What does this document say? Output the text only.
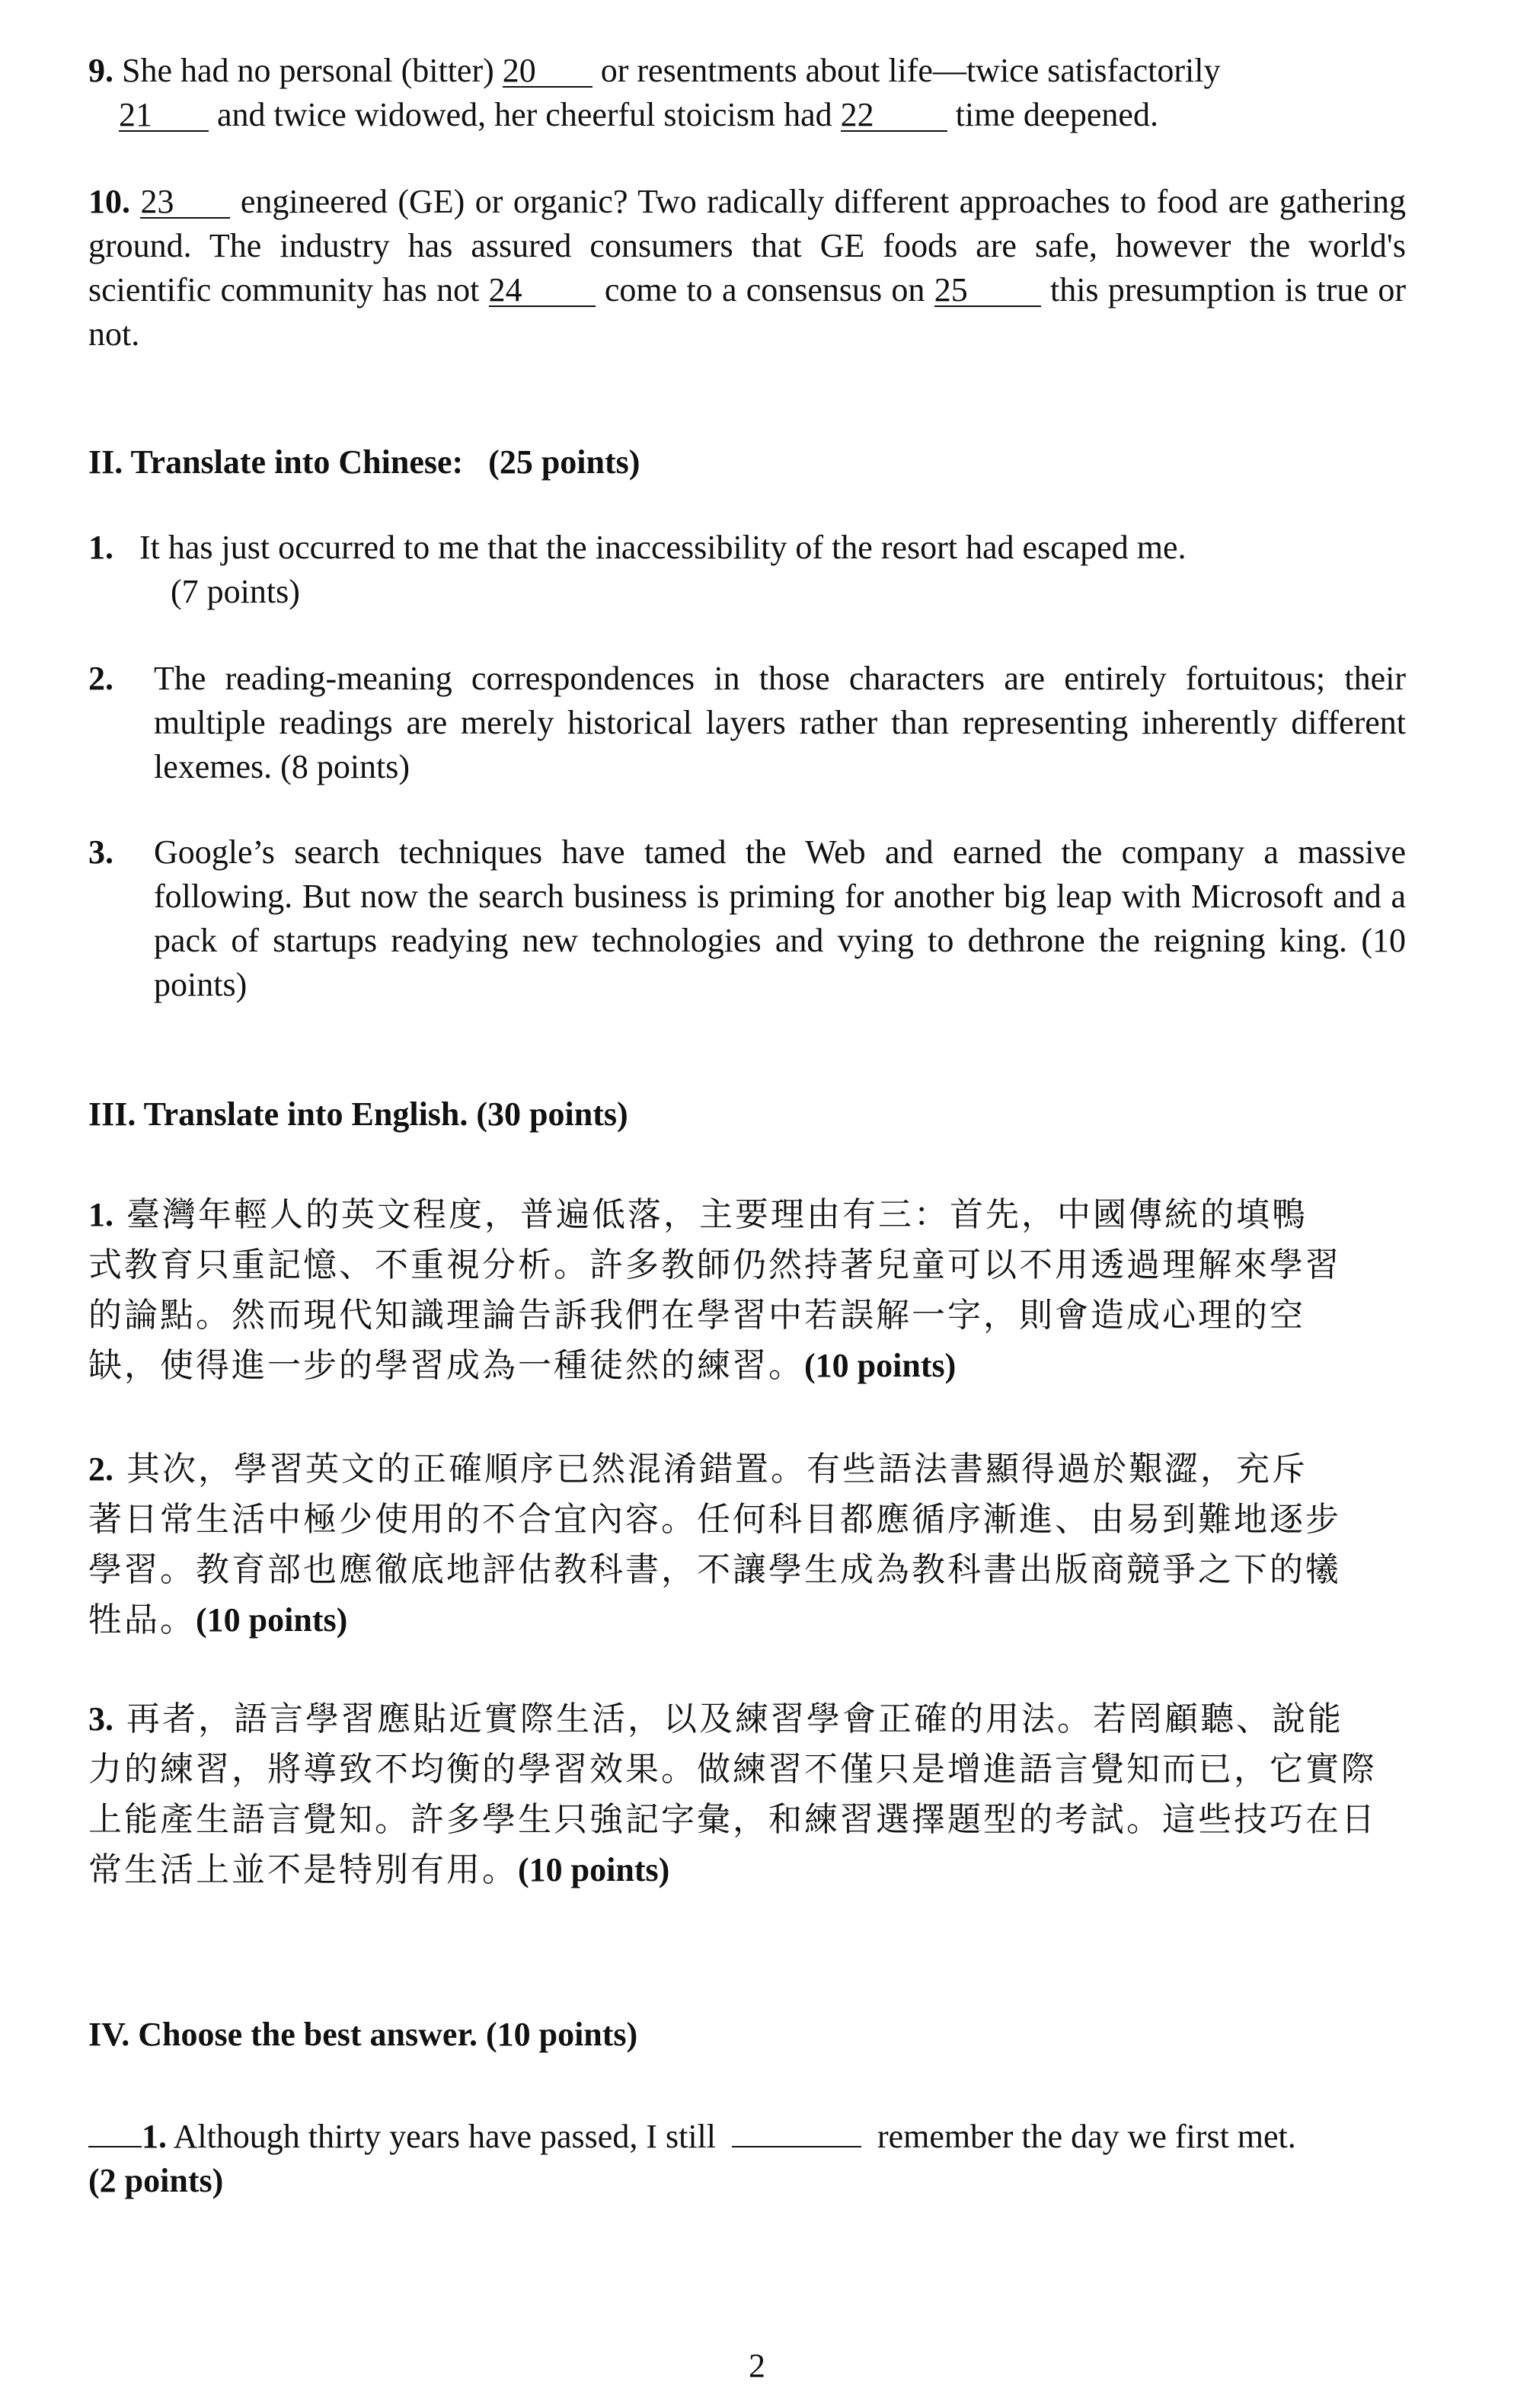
9. She had no personal (bitter) 20 or resentments about life—twice satisfactorily
21 and twice widowed, her cheerful stoicism had 22 time deepened.
10. 23 engineered (GE) or organic? Two radically different approaches to food are gathering ground. The industry has assured consumers that GE foods are safe, however the world's scientific community has not 24 come to a consensus on 25 this presumption is true or not.
II. Translate into Chinese:   (25 points)
1. It has just occurred to me that the inaccessibility of the resort had escaped me.
(7 points)
2. The reading-meaning correspondences in those characters are entirely fortuitous; their multiple readings are merely historical layers rather than representing inherently different lexemes. (8 points)
3. Google’s search techniques have tamed the Web and earned the company a massive following. But now the search business is priming for another big leap with Microsoft and a pack of startups readying new technologies and vying to dethrone the reigning king. (10 points)
III. Translate into English. (30 points)
1. 臺灣年輕人的英文程度，普遍低落，主要理由有三：首先，中國傳統的填鴨
式教育只重記憶、不重視分析。許多教師仍然持著兒童可以不用透過理解來學習
的論點。然而現代知識理論告訴我們在學習中若誤解一字，則會造成心理的空
缺，使得進一步的學習成為一種徒然的練習。(10 points)
2. 其次，學習英文的正確順序已然混淆錯置。有些語法書顯得過於艱澀，充斥
著日常生活中極少使用的不合宜內容。任何科目都應循序漸進、由易到難地逐步
學習。教育部也應徹底地評估教科書，不讓學生成為教科書出版商競爭之下的犧
牲品。(10 points)
3. 再者，語言學習應貼近實際生活，以及練習學會正確的用法。若罔顧聽、說能
力的練習，將導致不均衡的學習效果。做練習不僅只是增進語言覺知而已，它實際
上能產生語言覺知。許多學生只強記字彙，和練習選擇題型的考試。這些技巧在日
常生活上並不是特別有用。(10 points)
IV. Choose the best answer. (10 points)
1. Although thirty years have passed, I still	remember the day we first met.
(2 points)
2
